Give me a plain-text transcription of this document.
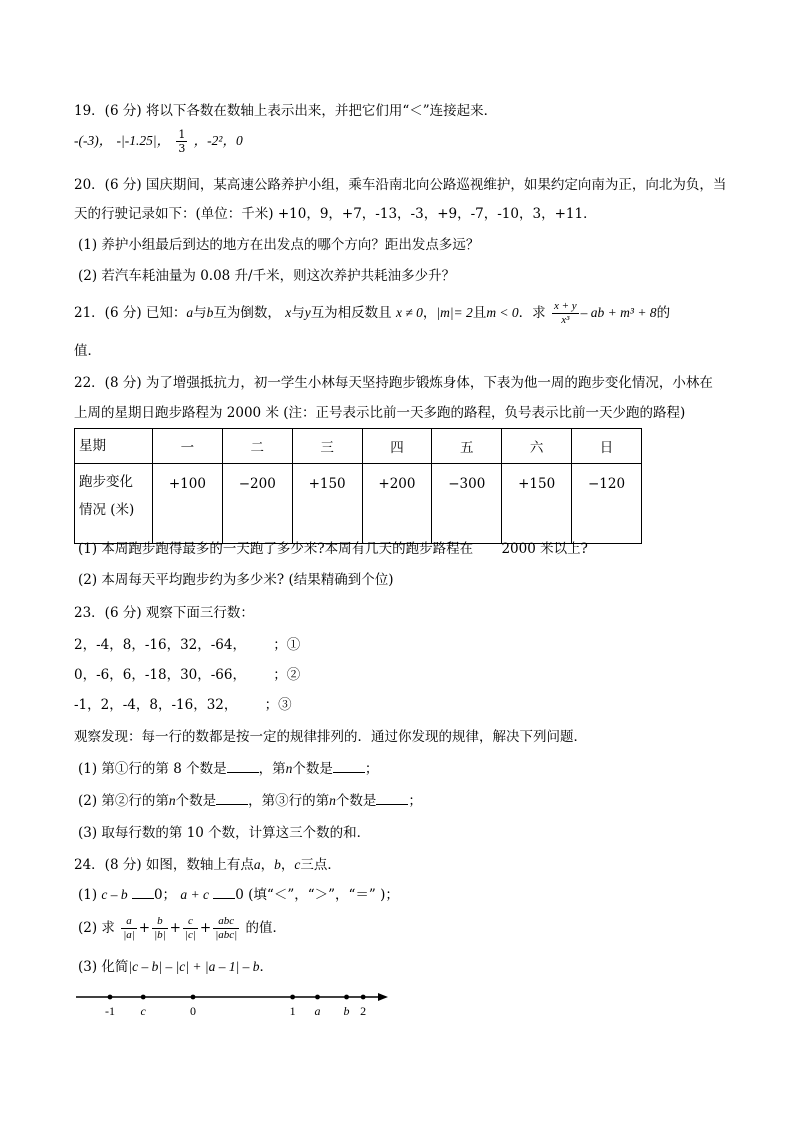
19．(6 分) 将以下各数在数轴上表示出来，并把它们用“＜”连接起来．
-(-3)， -|-1.25|， $\frac{1}{3}$ ，-2²，0
20．(6 分) 国庆期间，某高速公路养护小组，乘车沿南北向公路巡视维护，如果约定向南为正，向北为负，当
天的行驶记录如下：(单位：千米) +10，9，+7，-13，-3，+9，-7，-10，3，+11．
(1) 养护小组最后到达的地方在出发点的哪个方向？距出发点多远？
(2) 若汽车耗油量为 0.08 升/千米，则这次养护共耗油多少升？
21．(6 分) 已知：a与b互为倒数， x与y互为相反数且 x ≠ 0，|m|= 2且m < 0．求 $\frac{x + y}{\text{x³}}$ – ab + m³ + 8的
值．
22．(8 分) 为了增强抵抗力，初一学生小林每天坚持跑步锻炼身体，下表为他一周的跑步变化情况，小林在
上周的星期日跑步路程为 2000 米 (注：正号表示比前一天多跑的路程，负号表示比前一天少跑的路程)
星期	一	二	三	四	五	六	日
跑步变化
情况 (米)	+100	−200	+150	+200	−300	+150	−120
(1) 本周跑步跑得最多的一天跑了多少米?本周有几天的跑步路程在 2000 米以上?
(2) 本周每天平均跑步约为多少米? (结果精确到个位)
23．(6 分) 观察下面三行数：
2，-4，8，-16，32，-64，	；①
0，-6，6，-18，30，-66，	；②
-1，2，-4，8，-16，32，	；③
观察发现：每一行的数都是按一定的规律排列的．通过你发现的规律，解决下列问题．
(1) 第①行的第 8 个数是 ，第n个数是 ；
(2) 第②行的第n个数是 ，第③行的第n个数是 ；
(3) 取每行数的第 10 个数，计算这三个数的和．
24．(8 分) 如图，数轴上有点a，b，c三点．
(1) c – b 0； a + c 0 (填“＜”，“＞”，“＝” )；
(2) 求 $\frac{a}{|a|} + \frac{b}{|b|} + \frac{c}{|c|} + \frac{\text{abc}}{\text{|abc|}}$ 的值．
(3) 化简|c – b| – |c| + |a – 1| – b．
-1 c	0	1 a b 2
